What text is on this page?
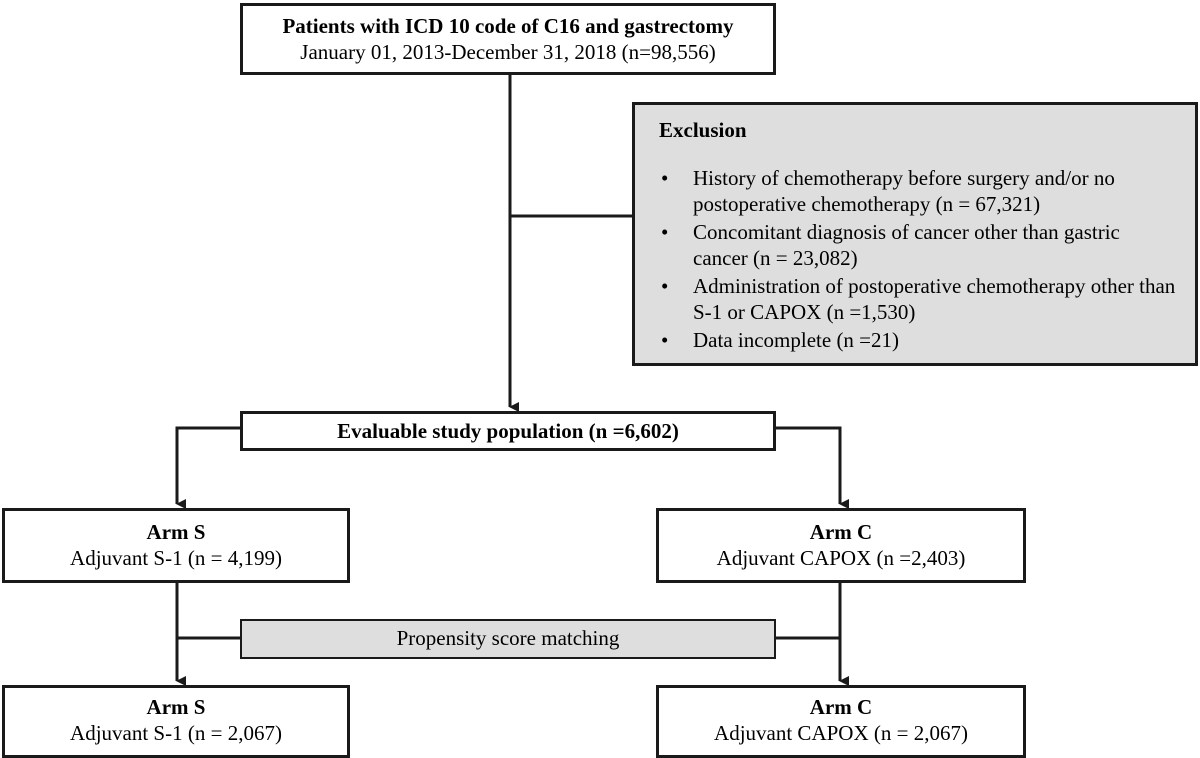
Patients with ICD 10 code of C16 and gastrectomy
January 01, 2013-December 31, 2018 (n=98,556)
Exclusion
• History of chemotherapy before surgery and/or no postoperative chemotherapy (n = 67,321)
• Concomitant diagnosis of cancer other than gastric cancer (n = 23,082)
• Administration of postoperative chemotherapy other than S-1 or CAPOX (n =1,530)
• Data incomplete (n =21)
Evaluable study population (n =6,602)
Arm S
Adjuvant S-1 (n = 4,199)
Arm C
Adjuvant CAPOX (n =2,403)
Propensity score matching
Arm S
Adjuvant S-1 (n = 2,067)
Arm C
Adjuvant CAPOX (n = 2,067)
